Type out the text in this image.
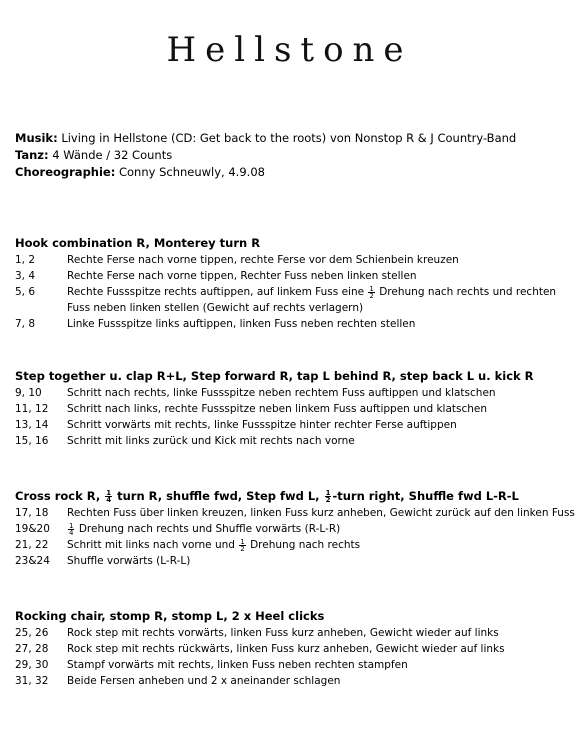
Hellstone
Musik: Living in Hellstone (CD: Get back to the roots) von Nonstop R & J Country-Band
Tanz: 4 Wände / 32 Counts
Choreographie: Conny Schneuwly, 4.9.08
Hook combination R, Monterey turn R
1, 2	Rechte Ferse nach vorne tippen, rechte Ferse vor dem Schienbein kreuzen
3, 4	Rechte Ferse nach vorne tippen, Rechter Fuss neben linken stellen
5, 6	Rechte Fussspitze rechts auftippen, auf linkem Fuss eine $\frac{1}{2}$ Drehung nach rechts und rechten Fuss neben linken stellen (Gewicht auf rechts verlagern)
7, 8	Linke Fussspitze links auftippen, linken Fuss neben rechten stellen
Step together u. clap R+L, Step forward R, tap L behind R, step back L u. kick R
9, 10	Schritt nach rechts, linke Fussspitze neben rechtem Fuss auftippen und klatschen
11, 12	Schritt nach links, rechte Fussspitze neben linkem Fuss auftippen und klatschen
13, 14	Schritt vorwärts mit rechts, linke Fussspitze hinter rechter Ferse auftippen
15, 16	Schritt mit links zurück und Kick mit rechts nach vorne
Cross rock R, $\frac{1}{4}$ turn R, shuffle fwd, Step fwd L, $\frac{1}{2}$ -turn right, Shuffle fwd L-R-L
17, 18	Rechten Fuss über linken kreuzen, linken Fuss kurz anheben, Gewicht zurück auf den linken Fuss
19&20	$\frac{1}{4}$ Drehung nach rechts und Shuffle vorwärts (R-L-R)
21, 22	Schritt mit links nach vorne und $\frac{1}{2}$ Drehung nach rechts
23&24	Shuffle vorwärts (L-R-L)
Rocking chair, stomp R, stomp L, 2 x Heel clicks
25, 26	Rock step mit rechts vorwärts, linken Fuss kurz anheben, Gewicht wieder auf links
27, 28	Rock step mit rechts rückwärts, linken Fuss kurz anheben, Gewicht wieder auf links
29, 30	Stampf vorwärts mit rechts, linken Fuss neben rechten stampfen
31, 32	Beide Fersen anheben und 2 x aneinander schlagen
